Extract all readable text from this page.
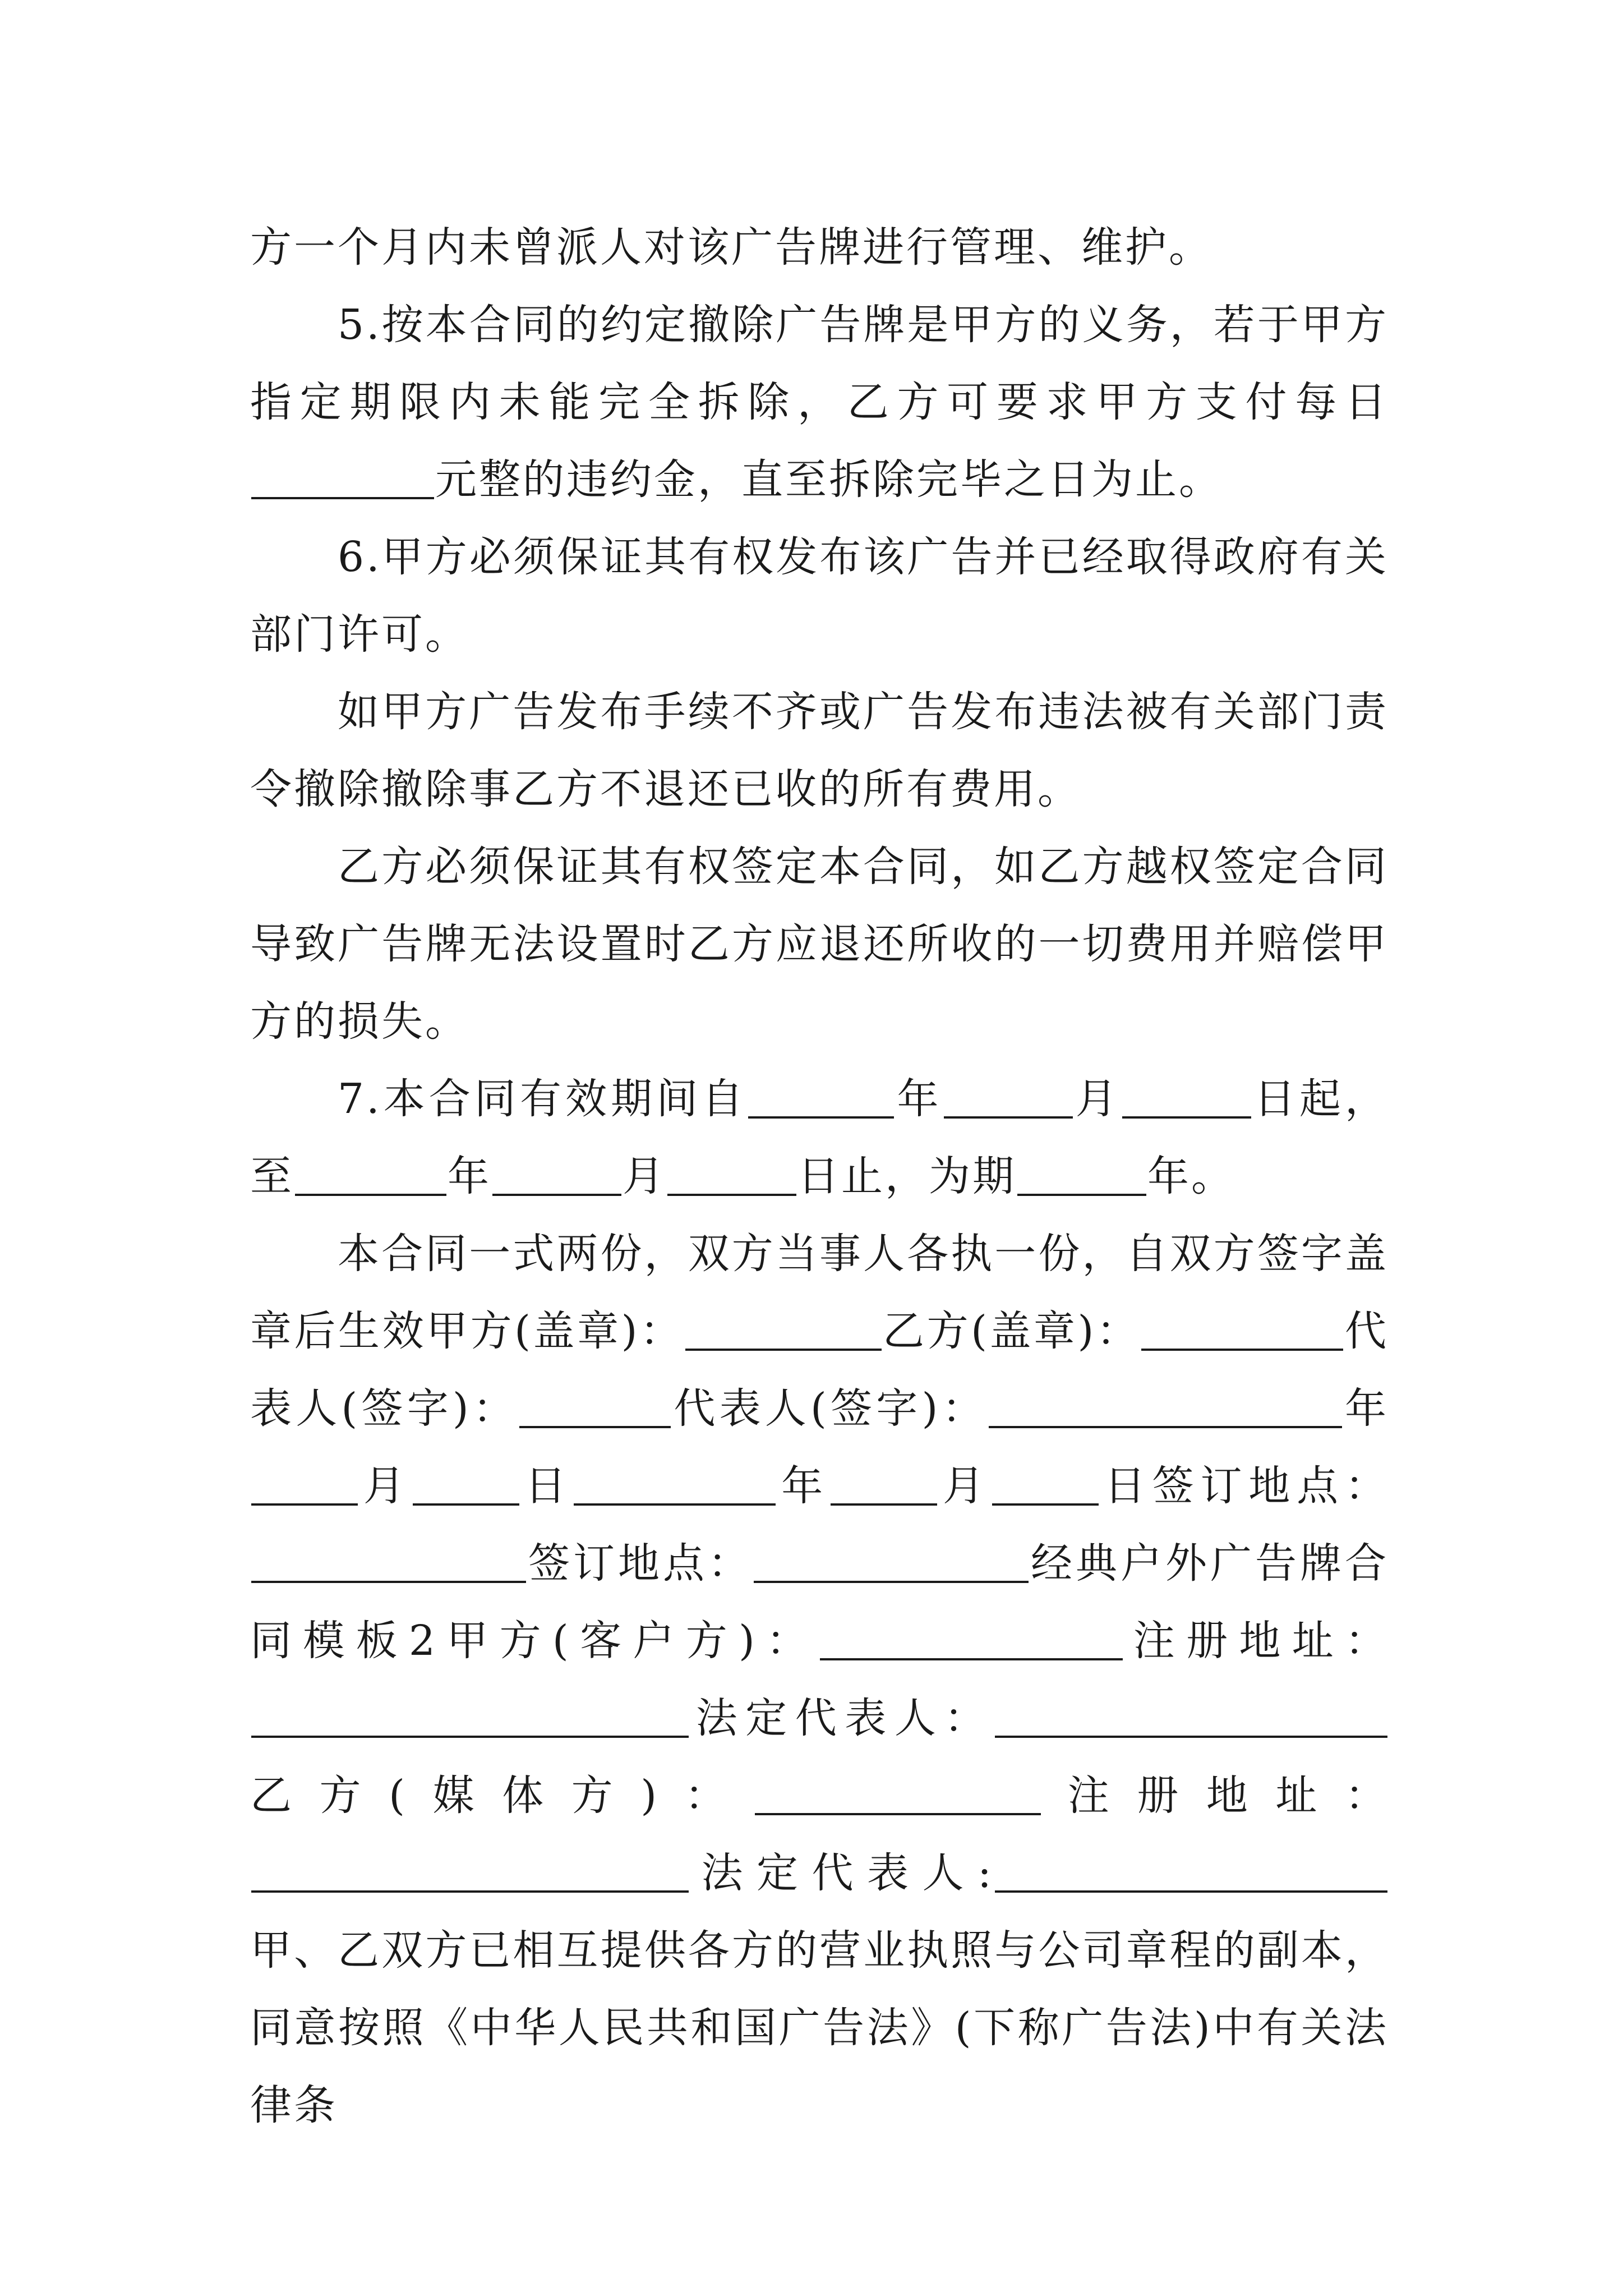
方一个月内未曾派人对该广告牌进行管理、维护。

5.按本合同的约定撤除广告牌是甲方的义务，若于甲方指定期限内未能完全拆除，乙方可要求甲方支付每日元整的违约金，直至拆除完毕之日为止。

6.甲方必须保证其有权发布该广告并已经取得政府有关部门许可。

如甲方广告发布手续不齐或广告发布违法被有关部门责令撤除撤除事乙方不退还已收的所有费用。

乙方必须保证其有权签定本合同，如乙方越权签定合同导致广告牌无法设置时乙方应退还所收的一切费用并赔偿甲方的损失。

7.本合同有效期间自	年	月	日起，至	年	月	日止，为期	年。

本合同一式两份，双方当事人各执一份，自双方签字盖章后生效甲方(盖章)：	乙方(盖章)：	代表人(签字)：	代表人(签字)：	年月	日	年	月	日签订地点：签订地点：	经典户外广告牌合同模板2甲方(客户方)：	注册地址：法定代表人：乙方(媒体方)：	注册地址：法定代表人:甲、乙双方已相互提供各方的营业执照与公司章程的副本，同意按照《中华人民共和国广告法》(下称广告法)中有关法律条
